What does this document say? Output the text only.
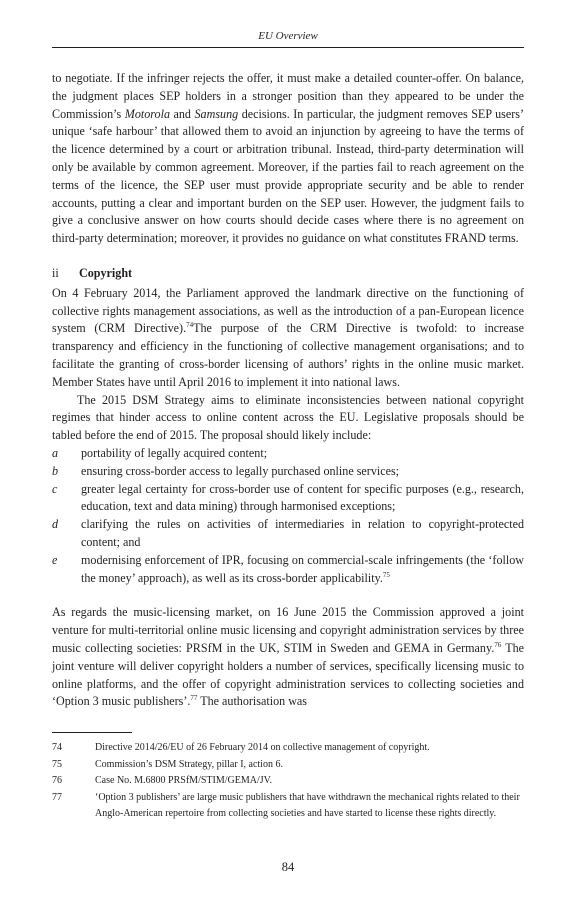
EU Overview

to negotiate. If the infringer rejects the offer, it must make a detailed counter-offer. On balance, the judgment places SEP holders in a stronger position than they appeared to be under the Commission’s Motorola and Samsung decisions. In particular, the judgment removes SEP users’ unique ‘safe harbour’ that allowed them to avoid an injunction by agreeing to have the terms of the licence determined by a court or arbitration tribunal. Instead, third-party determination will only be available by common agreement. Moreover, if the parties fail to reach agreement on the terms of the licence, the SEP user must provide appropriate security and be able to render accounts, putting a clear and important burden on the SEP user. However, the judgment fails to give a conclusive answer on how courts should decide cases where there is no agreement on third-party determination; moreover, it provides no guidance on what constitutes FRAND terms.

ii	Copyright

On 4 February 2014, the Parliament approved the landmark directive on the functioning of collective rights management associations, as well as the introduction of a pan-European licence system (CRM Directive).$^{74}$The purpose of the CRM Directive is twofold: to increase transparency and efficiency in the functioning of collective management organisations; and to facilitate the granting of cross-border licensing of authors’ rights in the online music market. Member States have until April 2016 to implement it into national laws.

The 2015 DSM Strategy aims to eliminate inconsistencies between national copyright regimes that hinder access to online content across the EU. Legislative proposals should be tabled before the end of 2015. The proposal should likely include:

a	portability of legally acquired content;
b	ensuring cross-border access to legally purchased online services;
c	greater legal certainty for cross-border use of content for specific purposes (e.g., research, education, text and data mining) through harmonised exceptions;
d	clarifying the rules on activities of intermediaries in relation to copyright-protected content; and
e	modernising enforcement of IPR, focusing on commercial-scale infringements (the ‘follow the money’ approach), as well as its cross-border applicability.$^{75}$

As regards the music-licensing market, on 16 June 2015 the Commission approved a joint venture for multi-territorial online music licensing and copyright administration services by three music collecting societies: PRSfM in the UK, STIM in Sweden and GEMA in Germany.$^{76}$ The joint venture will deliver copyright holders a number of services, specifically licensing music to online platforms, and the offer of copyright administration services to collecting societies and ‘Option 3 music publishers’.$^{77}$ The authorisation was

74	Directive 2014/26/EU of 26 February 2014 on collective management of copyright.
75	Commission’s DSM Strategy, pillar I, action 6.
76	Case No. M.6800 PRSfM/STIM/GEMA/JV.
77	‘Option 3 publishers’ are large music publishers that have withdrawn the mechanical rights related to their Anglo-American repertoire from collecting societies and have started to license these rights directly.
84
